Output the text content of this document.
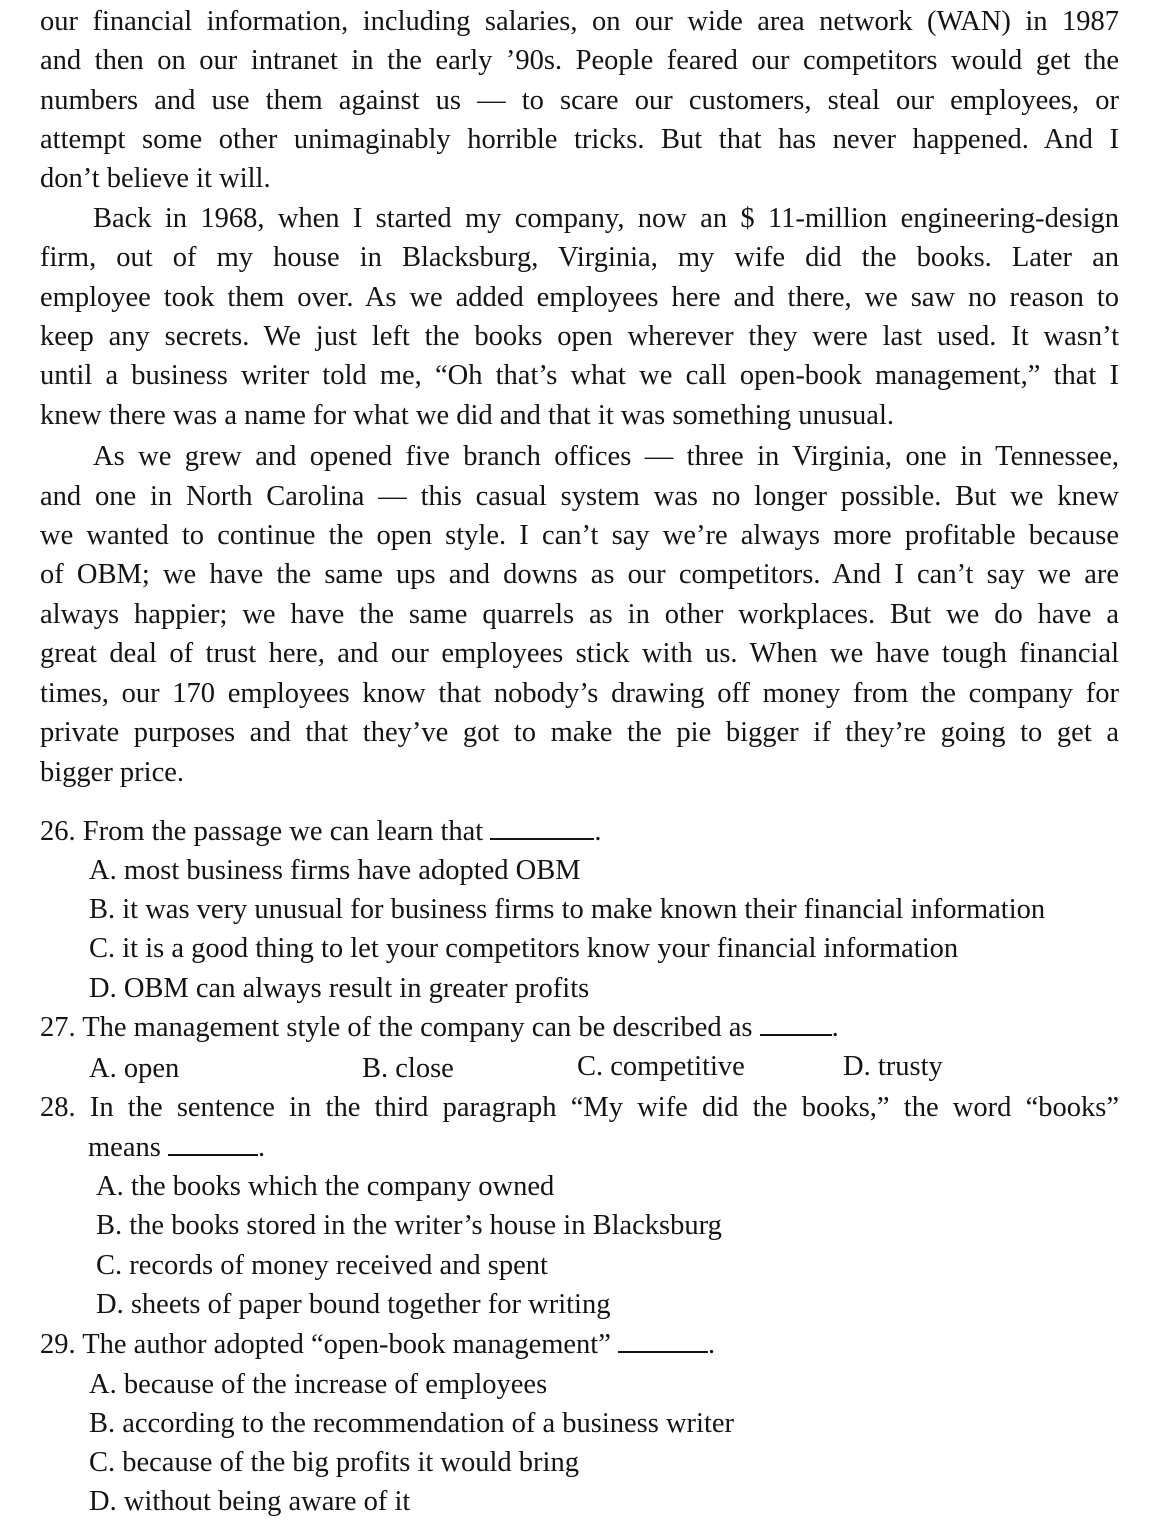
our financial information, including salaries, on our wide area network (WAN) in 1987
and then on our intranet in the early ’90s. People feared our competitors would get the
numbers and use them against us — to scare our customers, steal our employees, or
attempt some other unimaginably horrible tricks. But that has never happened. And I
don’t believe it will.
Back in 1968, when I started my company, now an $ 11-million engineering-design
firm, out of my house in Blacksburg, Virginia, my wife did the books. Later an
employee took them over. As we added employees here and there, we saw no reason to
keep any secrets. We just left the books open wherever they were last used. It wasn’t
until a business writer told me, “Oh that’s what we call open-book management,” that I
knew there was a name for what we did and that it was something unusual.
As we grew and opened five branch offices — three in Virginia, one in Tennessee,
and one in North Carolina — this casual system was no longer possible. But we knew
we wanted to continue the open style. I can’t say we’re always more profitable because
of OBM; we have the same ups and downs as our competitors. And I can’t say we are
always happier; we have the same quarrels as in other workplaces. But we do have a
great deal of trust here, and our employees stick with us. When we have tough financial
times, our 170 employees know that nobody’s drawing off money from the company for
private purposes and that they’ve got to make the pie bigger if they’re going to get a
bigger price.
26. From the passage we can learn that	.
A. most business firms have adopted OBM
B. it was very unusual for business firms to make known their financial information
C. it is a good thing to let your competitors know your financial information
D. OBM can always result in greater profits
27. The management style of the company can be described as	.
A. open	B. close	C. competitive	D. trusty
28. In the sentence in the third paragraph “My wife did the books,” the word “books”
means	.
A. the books which the company owned
B. the books stored in the writer’s house in Blacksburg
C. records of money received and spent
D. sheets of paper bound together for writing
29. The author adopted “open-book management”	.
A. because of the increase of employees
B. according to the recommendation of a business writer
C. because of the big profits it would bring
D. without being aware of it
